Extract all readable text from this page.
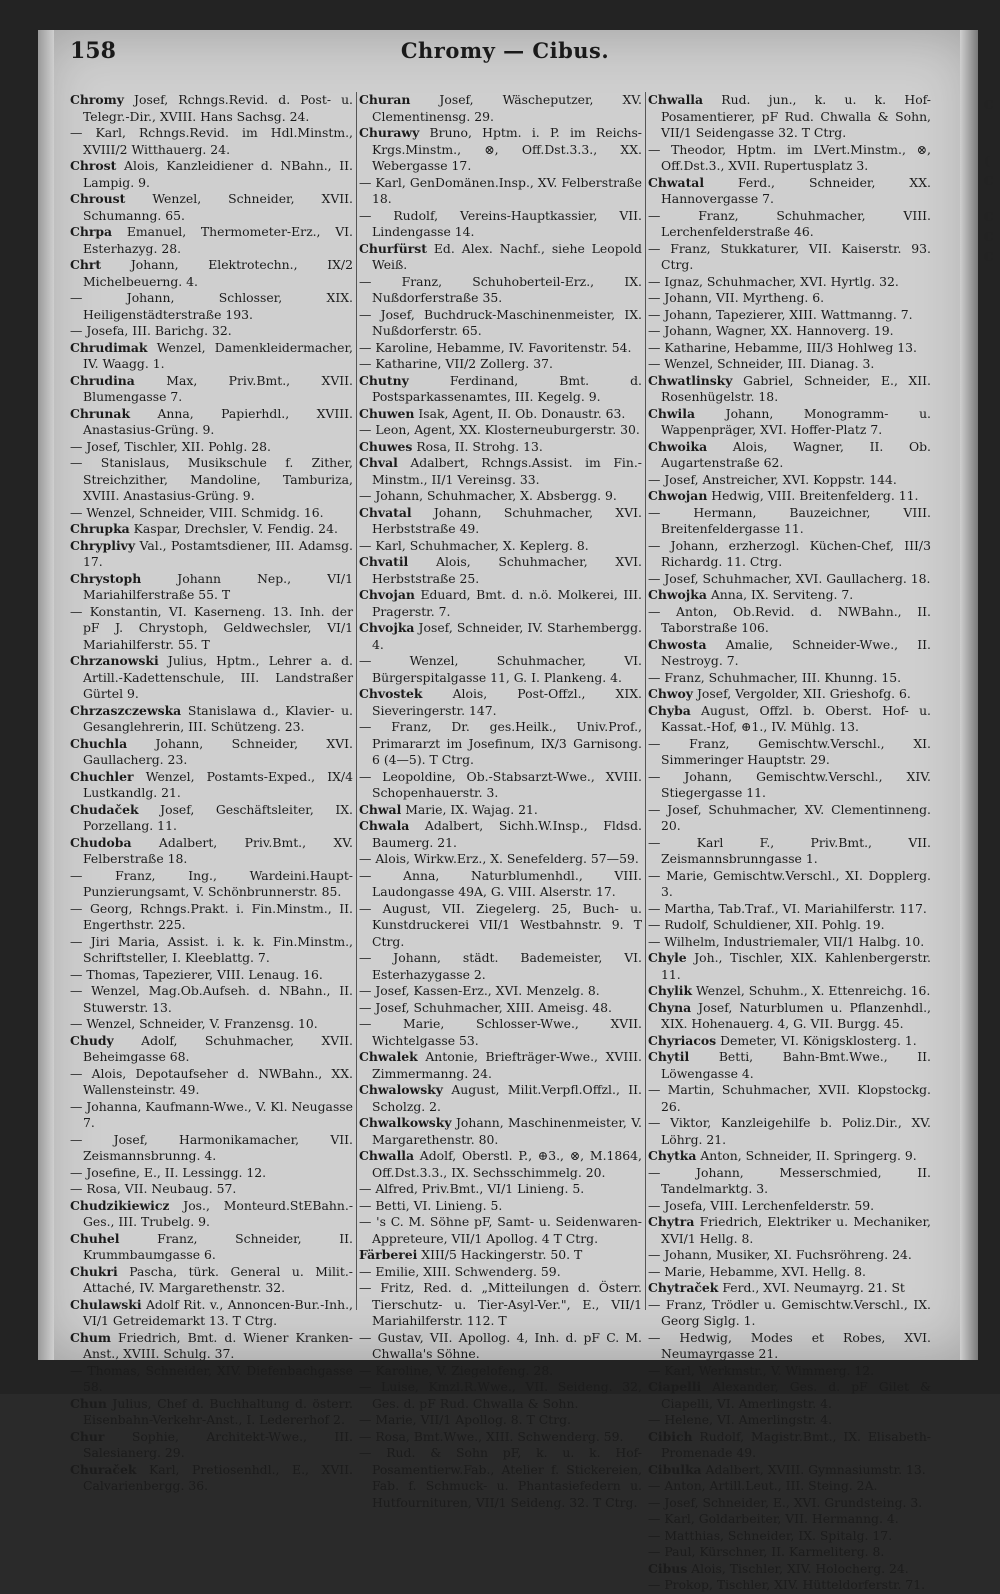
158	Chromy — Cibus.

Chromy Josef, Rchngs.Revid. d. Post- u. Telegr.-Dir., XVIII. Hans Sachsg. 24.

— Karl, Rchngs.Revid. im Hdl.Minstm., XVIII/2 Witthauerg. 24.

Chrost Alois, Kanzleidiener d. NBahn., II. Lampig. 9.

Chroust Wenzel, Schneider, XVII. Schumanng. 65.

Chrpa Emanuel, Thermometer-Erz., VI. Esterhazyg. 28.

Chrt Johann, Elektrotechn., IX/2 Michelbeuerng. 4.

— Johann, Schlosser, XIX. Heiligenstädterstraße 193.

— Josefa, III. Barichg. 32.

Chrudimak Wenzel, Damenkleidermacher, IV. Waagg. 1.

Chrudina Max, Priv.Bmt., XVII. Blumengasse 7.

Chrunak Anna, Papierhdl., XVIII. Anastasius-Grüng. 9.

— Josef, Tischler, XII. Pohlg. 28.

— Stanislaus, Musikschule f. Zither, Streichzither, Mandoline, Tamburiza, XVIII. Anastasius-Grüng. 9.

— Wenzel, Schneider, VIII. Schmidg. 16.

Chrupka Kaspar, Drechsler, V. Fendig. 24.

Chryplivy Val., Postamtsdiener, III. Adamsg. 17.

Chrystoph Johann Nep., VI/1 Mariahilferstraße 55. T

— Konstantin, VI. Kaserneng. 13. Inh. der pF J. Chrystoph, Geldwechsler, VI/1 Mariahilferstr. 55. T

Chrzanowski Julius, Hptm., Lehrer a. d. Artill.-Kadettenschule, III. Landstraßer Gürtel 9.

Chrzaszczewska Stanislawa d., Klavier- u. Gesanglehrerin, III. Schützeng. 23.

Chuchla Johann, Schneider, XVI. Gaullacherg. 23.

Chuchler Wenzel, Postamts-Exped., IX/4 Lustkandlg. 21.

Chudaček Josef, Geschäftsleiter, IX. Porzellang. 11.

Chudoba Adalbert, Priv.Bmt., XV. Felberstraße 18.

— Franz, Ing., Wardeini.Haupt-Punzierungsamt, V. Schönbrunnerstr. 85.

— Georg, Rchngs.Prakt. i. Fin.Minstm., II. Engerthstr. 225.

— Jiri Maria, Assist. i. k. k. Fin.Minstm., Schriftsteller, I. Kleeblattg. 7.

— Thomas, Tapezierer, VIII. Lenaug. 16.

— Wenzel, Mag.Ob.Aufseh. d. NBahn., II. Stuwerstr. 13.

— Wenzel, Schneider, V. Franzensg. 10.

Chudy Adolf, Schuhmacher, XVII. Beheimgasse 68.

— Alois, Depotaufseher d. NWBahn., XX. Wallensteinstr. 49.

— Johanna, Kaufmann-Wwe., V. Kl. Neugasse 7.

— Josef, Harmonikamacher, VII. Zeismannsbrunng. 4.

— Josefine, E., II. Lessingg. 12.

— Rosa, VII. Neubaug. 57.

Chudzikiewicz Jos., Monteurd.StEBahn.-Ges., III. Trubelg. 9.

Chuhel Franz, Schneider, II. Krummbaumgasse 6.

Chukri Pascha, türk. General u. Milit.-Attaché, IV. Margarethenstr. 32.

Chulawski Adolf Rit. v., Annoncen-Bur.-Inh., VI/1 Getreidemarkt 13. T Ctrg.

Chum Friedrich, Bmt. d. Wiener Kranken-Anst., XVIII. Schulg. 37.

— Thomas, Schneider, XIV. Diefenbachgasse 58.

Chun Julius, Chef d. Buchhaltung d. österr. Eisenbahn-Verkehr-Anst., I. Ledererhof 2.

Chur Sophie, Architekt-Wwe., III. Salesianerg. 29.

Churaček Karl, Pretiosenhdl., E., XVII. Calvarienbergg. 36.

Churan Josef, Wäscheputzer, XV. Clementinensg. 29.

Churawy Bruno, Hptm. i. P. im Reichs-Krgs.Minstm., ⊗, Off.Dst.3.3., XX. Webergasse 17.

— Karl, GenDomänen.Insp., XV. Felberstraße 18.

— Rudolf, Vereins-Hauptkassier, VII. Lindengasse 14.

Churfürst Ed. Alex. Nachf., siehe Leopold Weiß.

— Franz, Schuhoberteil-Erz., IX. Nußdorferstraße 35.

— Josef, Buchdruck-Maschinenmeister, IX. Nußdorferstr. 65.

— Karoline, Hebamme, IV. Favoritenstr. 54.

— Katharine, VII/2 Zollerg. 37.

Chutny Ferdinand, Bmt. d. Postsparkassenamtes, III. Kegelg. 9.

Chuwen Isak, Agent, II. Ob. Donaustr. 63.

— Leon, Agent, XX. Klosterneuburgerstr. 30.

Chuwes Rosa, II. Strohg. 13.

Chval Adalbert, Rchngs.Assist. im Fin.-Minstm., II/1 Vereinsg. 33.

— Johann, Schuhmacher, X. Absbergg. 9.

Chvatal Johann, Schuhmacher, XVI. Herbststraße 49.

— Karl, Schuhmacher, X. Keplerg. 8.

Chvatil Alois, Schuhmacher, XVI. Herbststraße 25.

Chvojan Eduard, Bmt. d. n.ö. Molkerei, III. Pragerstr. 7.

Chvojka Josef, Schneider, IV. Starhembergg. 4.

— Wenzel, Schuhmacher, VI. Bürgerspitalgasse 11, G. I. Plankeng. 4.

Chvostek Alois, Post-Offzl., XIX. Sieveringerstr. 147.

— Franz, Dr. ges.Heilk., Univ.Prof., Primararzt im Josefinum, IX/3 Garnisong. 6 (4—5). T Ctrg.

— Leopoldine, Ob.-Stabsarzt-Wwe., XVIII. Schopenhauerstr. 3.

Chwal Marie, IX. Wajag. 21.

Chwala Adalbert, Sichh.W.Insp., Fldsd. Baumerg. 21.

— Alois, Wirkw.Erz., X. Senefelderg. 57—59.

— Anna, Naturblumenhdl., VIII. Laudongasse 49A, G. VIII. Alserstr. 17.

— August, VII. Ziegelerg. 25, Buch- u. Kunstdruckerei VII/1 Westbahnstr. 9. T Ctrg.

— Johann, städt. Bademeister, VI. Esterhazygasse 2.

— Josef, Kassen-Erz., XVI. Menzelg. 8.

— Josef, Schuhmacher, XIII. Ameisg. 48.

— Marie, Schlosser-Wwe., XVII. Wichtelgasse 53.

Chwalek Antonie, Briefträger-Wwe., XVIII. Zimmermanng. 24.

Chwalowsky August, Milit.Verpfl.Offzl., II. Scholzg. 2.

Chwalkowsky Johann, Maschinenmeister, V. Margarethenstr. 80.

Chwalla Adolf, Oberstl. P., ⊕3., ⊗, M.1864, Off.Dst.3.3., IX. Sechsschimmelg. 20.

— Alfred, Priv.Bmt., VI/1 Linieng. 5.

— Betti, VI. Linieng. 5.

— 's C. M. Söhne pF, Samt- u. Seidenwaren-Appreteure, VII/1 Apollog. 4 T Ctrg.

Färberei XIII/5 Hackingerstr. 50. T

— Emilie, XIII. Schwenderg. 59.

— Fritz, Red. d. „Mitteilungen d. Österr. Tierschutz- u. Tier-Asyl-Ver.", E., VII/1 Mariahilferstr. 112. T

— Gustav, VII. Apollog. 4, Inh. d. pF C. M. Chwalla's Söhne.

— Karoline, V. Ziegelofeng. 28.

— Luise, Kmzl.R.Wwe., VII. Seideng. 32, Ges. d. pF Rud. Chwalla & Sohn.

— Marie, VII/1 Apollog. 8. T Ctrg.

— Rosa, Bmt.Wwe., XIII. Schwenderg. 59.

— Rud. & Sohn pF, k. u. k. Hof-Posamentierw.Fab., Atelier f. Stickereien, Fab. f. Schmuck- u. Phantasiefedern u. Hutfournituren, VII/1 Seideng. 32. T Ctrg.

Chwalla Rud. jun., k. u. k. Hof-Posamentierer, pF Rud. Chwalla & Sohn, VII/1 Seidengasse 32. T Ctrg.

— Theodor, Hptm. im LVert.Minstm., ⊗, Off.Dst.3., XVII. Rupertusplatz 3.

Chwatal Ferd., Schneider, XX. Hannovergasse 7.

— Franz, Schuhmacher, VIII. Lerchenfelderstraße 46.

— Franz, Stukkaturer, VII. Kaiserstr. 93. Ctrg.

— Ignaz, Schuhmacher, XVI. Hyrtlg. 32.

— Johann, VII. Myrtheng. 6.

— Johann, Tapezierer, XIII. Wattmanng. 7.

— Johann, Wagner, XX. Hannoverg. 19.

— Katharine, Hebamme, III/3 Hohlweg 13.

— Wenzel, Schneider, III. Dianag. 3.

Chwatlinsky Gabriel, Schneider, E., XII. Rosenhügelstr. 18.

Chwila Johann, Monogramm- u. Wappenpräger, XVI. Hoffer-Platz 7.

Chwoika Alois, Wagner, II. Ob. Augartenstraße 62.

— Josef, Anstreicher, XVI. Koppstr. 144.

Chwojan Hedwig, VIII. Breitenfelderg. 11.

— Hermann, Bauzeichner, VIII. Breitenfeldergasse 11.

— Johann, erzherzogl. Küchen-Chef, III/3 Richardg. 11. Ctrg.

— Josef, Schuhmacher, XVI. Gaullacherg. 18.

Chwojka Anna, IX. Serviteng. 7.

— Anton, Ob.Revid. d. NWBahn., II. Taborstraße 106.

Chwosta Amalie, Schneider-Wwe., II. Nestroyg. 7.

— Franz, Schuhmacher, III. Khunng. 15.

Chwoy Josef, Vergolder, XII. Grieshofg. 6.

Chyba August, Offzl. b. Oberst. Hof- u. Kassat.-Hof, ⊕1., IV. Mühlg. 13.

— Franz, Gemischtw.Verschl., XI. Simmeringer Hauptstr. 29.

— Johann, Gemischtw.Verschl., XIV. Stiegergasse 11.

— Josef, Schuhmacher, XV. Clementinneng. 20.

— Karl F., Priv.Bmt., VII. Zeismannsbrunngasse 1.

— Marie, Gemischtw.Verschl., XI. Dopplerg. 3.

— Martha, Tab.Traf., VI. Mariahilferstr. 117.

— Rudolf, Schuldiener, XII. Pohlg. 19.

— Wilhelm, Industriemaler, VII/1 Halbg. 10.

Chyle Joh., Tischler, XIX. Kahlenbergerstr. 11.

Chylik Wenzel, Schuhm., X. Ettenreichg. 16.

Chyna Josef, Naturblumen u. Pflanzenhdl., XIX. Hohenauerg. 4, G. VII. Burgg. 45.

Chyriacos Demeter, VI. Königsklosterg. 1.

Chytil Betti, Bahn-Bmt.Wwe., II. Löwengasse 4.

— Martin, Schuhmacher, XVII. Klopstockg. 26.

— Viktor, Kanzleigehilfe b. Poliz.Dir., XV. Löhrg. 21.

Chytka Anton, Schneider, II. Springerg. 9.

— Johann, Messerschmied, II. Tandelmarktg. 3.

— Josefa, VIII. Lerchenfelderstr. 59.

Chytra Friedrich, Elektriker u. Mechaniker, XVI/1 Hellg. 8.

— Johann, Musiker, XI. Fuchsröhreng. 24.

— Marie, Hebamme, XVI. Hellg. 8.

Chytraček Ferd., XVI. Neumayrg. 21. St

— Franz, Trödler u. Gemischtw.Verschl., IX. Georg Siglg. 1.

— Hedwig, Modes et Robes, XVI. Neumayrgasse 21.

— Karl, Werkmstr., V. Wimmerg. 12.

Ciapelli Alexander, Ges. d. pF Gilet & Ciapelli, VI. Amerlingstr. 4.

— Helene, VI. Amerlingstr. 4.

Cibich Rudolf, Magistr.Bmt., IX. Elisabeth-Promenade 49.

Cibulka Adalbert, XVIII. Gymnasiumstr. 13.

— Anton, Artill.Leut., III. Steing. 2A.

— Josef, Schneider, E., XVI. Grundsteing. 3.

— Karl, Goldarbeiter, VII. Hermanng. 4.

— Matthias, Schneider, IX. Spitalg. 17.

— Paul, Kürschner, II. Karmeliterg. 8.

Cibus Alois, Tischler, XIV. Holocherg. 24.

— Prokop, Tischler, XIV. Hütteldorferstr. 71.

C
(
C
C
C
C
